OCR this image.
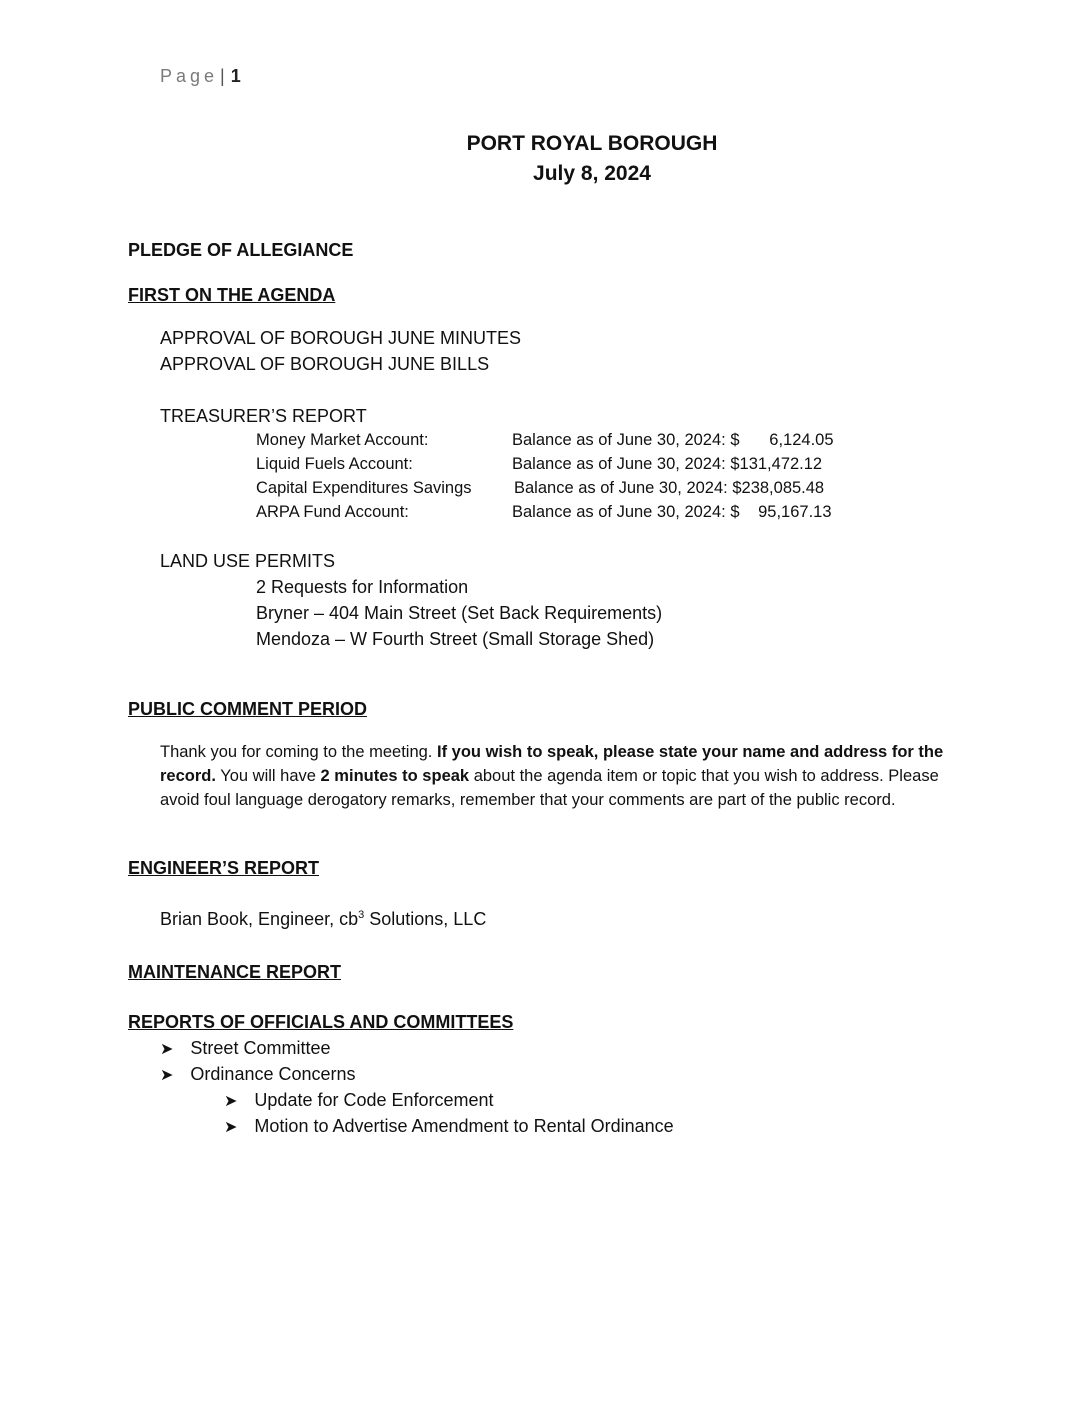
Page | 1
PORT ROYAL BOROUGH
July 8, 2024
PLEDGE OF ALLEGIANCE
FIRST ON THE AGENDA
APPROVAL OF BOROUGH JUNE MINUTES
APPROVAL OF BOROUGH JUNE BILLS
TREASURER’S REPORT
Money Market Account:	Balance as of June 30, 2024: $ 6,124.05
Liquid Fuels Account:	Balance as of June 30, 2024: $131,472.12
Capital Expenditures Savings	Balance as of June 30, 2024: $238,085.48
ARPA Fund Account:	Balance as of June 30, 2024: $ 95,167.13
LAND USE PERMITS
2 Requests for Information
Bryner – 404 Main Street (Set Back Requirements)
Mendoza – W Fourth Street (Small Storage Shed)
PUBLIC COMMENT PERIOD
Thank you for coming to the meeting. If you wish to speak, please state your name and address for the record. You will have 2 minutes to speak about the agenda item or topic that you wish to address. Please avoid foul language derogatory remarks, remember that your comments are part of the public record.
ENGINEER’S REPORT
Brian Book, Engineer, $cb^3$ Solutions, LLC
MAINTENANCE REPORT
REPORTS OF OFFICIALS AND COMMITTEES
➤ Street Committee
➤ Ordinance Concerns
➤ Update for Code Enforcement
➤ Motion to Advertise Amendment to Rental Ordinance
